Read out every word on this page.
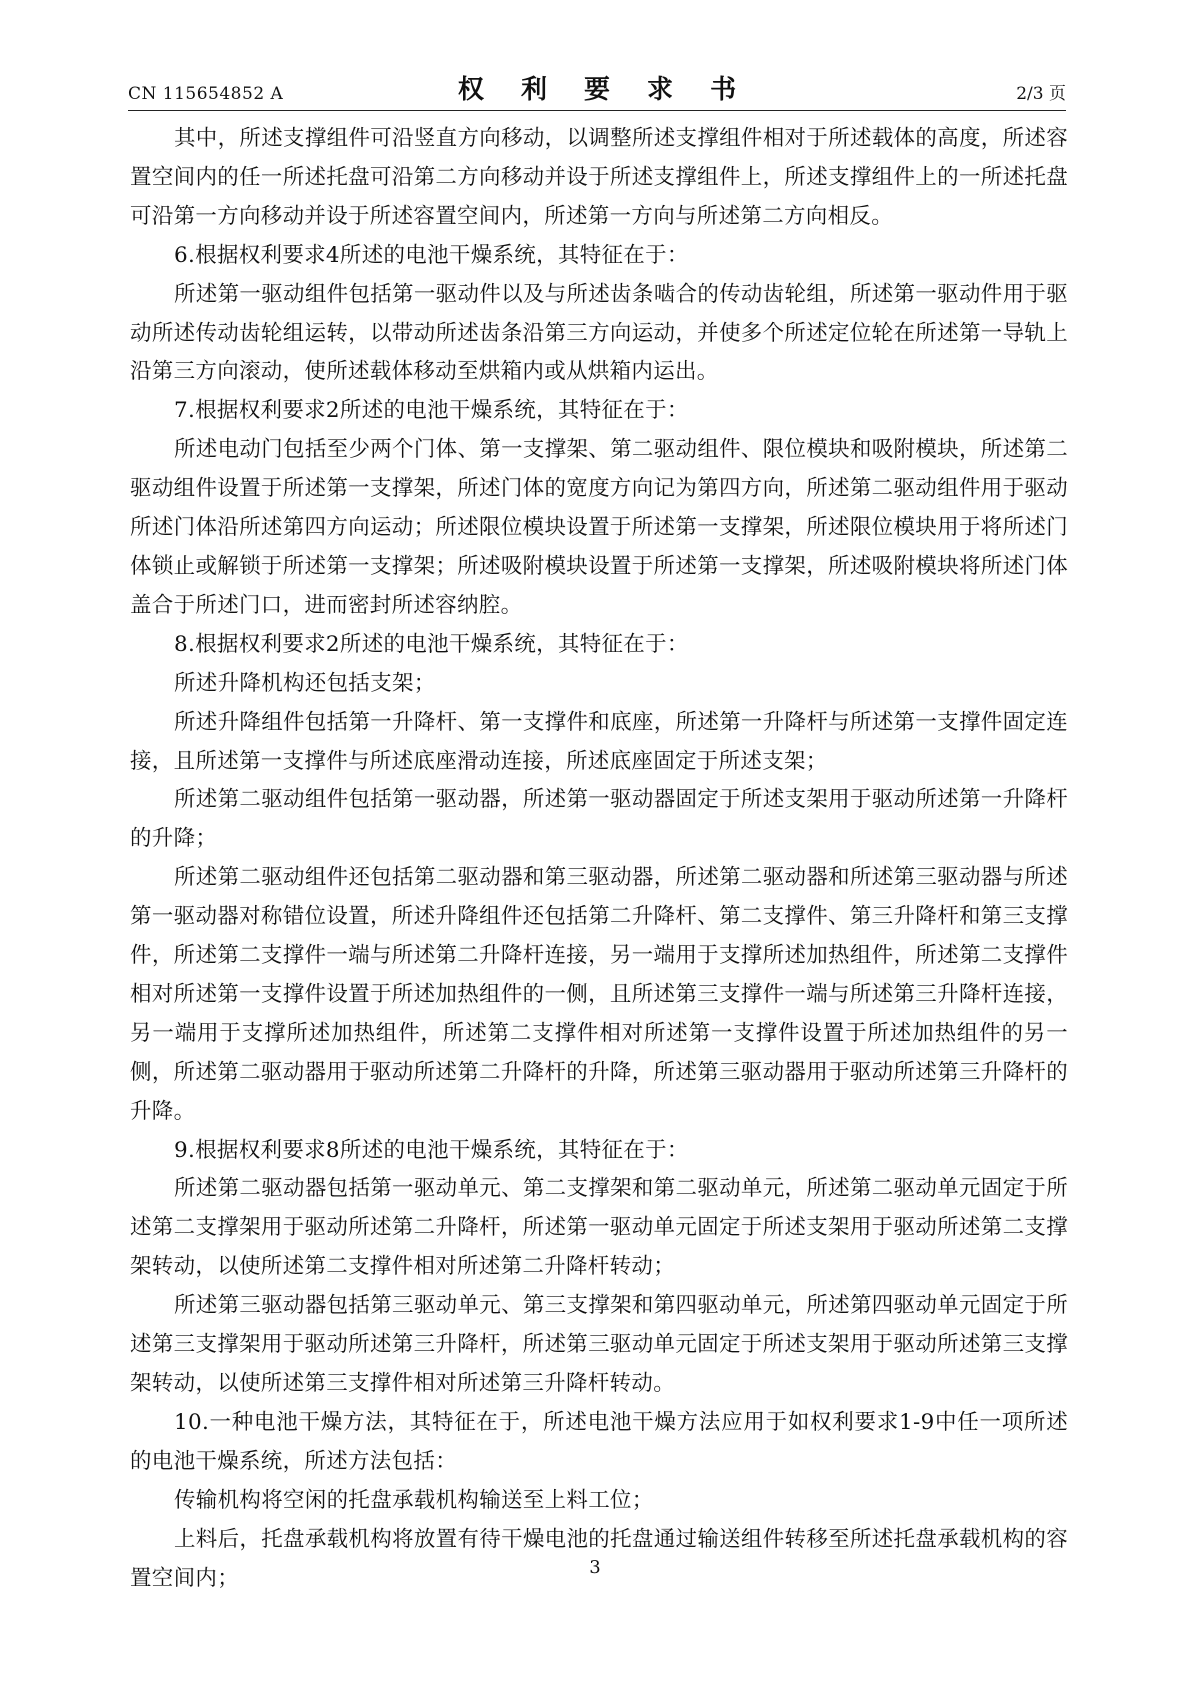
CN 115654852 A	权 利 要 求 书	2/3 页

其中，所述支撑组件可沿竖直方向移动，以调整所述支撑组件相对于所述载体的高度，所述容置空间内的任一所述托盘可沿第二方向移动并设于所述支撑组件上，所述支撑组件上的一所述托盘可沿第一方向移动并设于所述容置空间内，所述第一方向与所述第二方向相反。

6.根据权利要求4所述的电池干燥系统，其特征在于：

所述第一驱动组件包括第一驱动件以及与所述齿条啮合的传动齿轮组，所述第一驱动件用于驱动所述传动齿轮组运转，以带动所述齿条沿第三方向运动，并使多个所述定位轮在所述第一导轨上沿第三方向滚动，使所述载体移动至烘箱内或从烘箱内运出。

7.根据权利要求2所述的电池干燥系统，其特征在于：

所述电动门包括至少两个门体、第一支撑架、第二驱动组件、限位模块和吸附模块，所述第二驱动组件设置于所述第一支撑架，所述门体的宽度方向记为第四方向，所述第二驱动组件用于驱动所述门体沿所述第四方向运动；所述限位模块设置于所述第一支撑架，所述限位模块用于将所述门体锁止或解锁于所述第一支撑架；所述吸附模块设置于所述第一支撑架，所述吸附模块将所述门体盖合于所述门口，进而密封所述容纳腔。

8.根据权利要求2所述的电池干燥系统，其特征在于：

所述升降机构还包括支架；

所述升降组件包括第一升降杆、第一支撑件和底座，所述第一升降杆与所述第一支撑件固定连接，且所述第一支撑件与所述底座滑动连接，所述底座固定于所述支架；

所述第二驱动组件包括第一驱动器，所述第一驱动器固定于所述支架用于驱动所述第一升降杆的升降；

所述第二驱动组件还包括第二驱动器和第三驱动器，所述第二驱动器和所述第三驱动器与所述第一驱动器对称错位设置，所述升降组件还包括第二升降杆、第二支撑件、第三升降杆和第三支撑件，所述第二支撑件一端与所述第二升降杆连接，另一端用于支撑所述加热组件，所述第二支撑件相对所述第一支撑件设置于所述加热组件的一侧，且所述第三支撑件一端与所述第三升降杆连接，另一端用于支撑所述加热组件，所述第二支撑件相对所述第一支撑件设置于所述加热组件的另一侧，所述第二驱动器用于驱动所述第二升降杆的升降，所述第三驱动器用于驱动所述第三升降杆的升降。

9.根据权利要求8所述的电池干燥系统，其特征在于：

所述第二驱动器包括第一驱动单元、第二支撑架和第二驱动单元，所述第二驱动单元固定于所述第二支撑架用于驱动所述第二升降杆，所述第一驱动单元固定于所述支架用于驱动所述第二支撑架转动，以使所述第二支撑件相对所述第二升降杆转动；

所述第三驱动器包括第三驱动单元、第三支撑架和第四驱动单元，所述第四驱动单元固定于所述第三支撑架用于驱动所述第三升降杆，所述第三驱动单元固定于所述支架用于驱动所述第三支撑架转动，以使所述第三支撑件相对所述第三升降杆转动。

10.一种电池干燥方法，其特征在于，所述电池干燥方法应用于如权利要求1-9中任一项所述的电池干燥系统，所述方法包括：

传输机构将空闲的托盘承载机构输送至上料工位；

上料后，托盘承载机构将放置有待干燥电池的托盘通过输送组件转移至所述托盘承载机构的容置空间内；	3
